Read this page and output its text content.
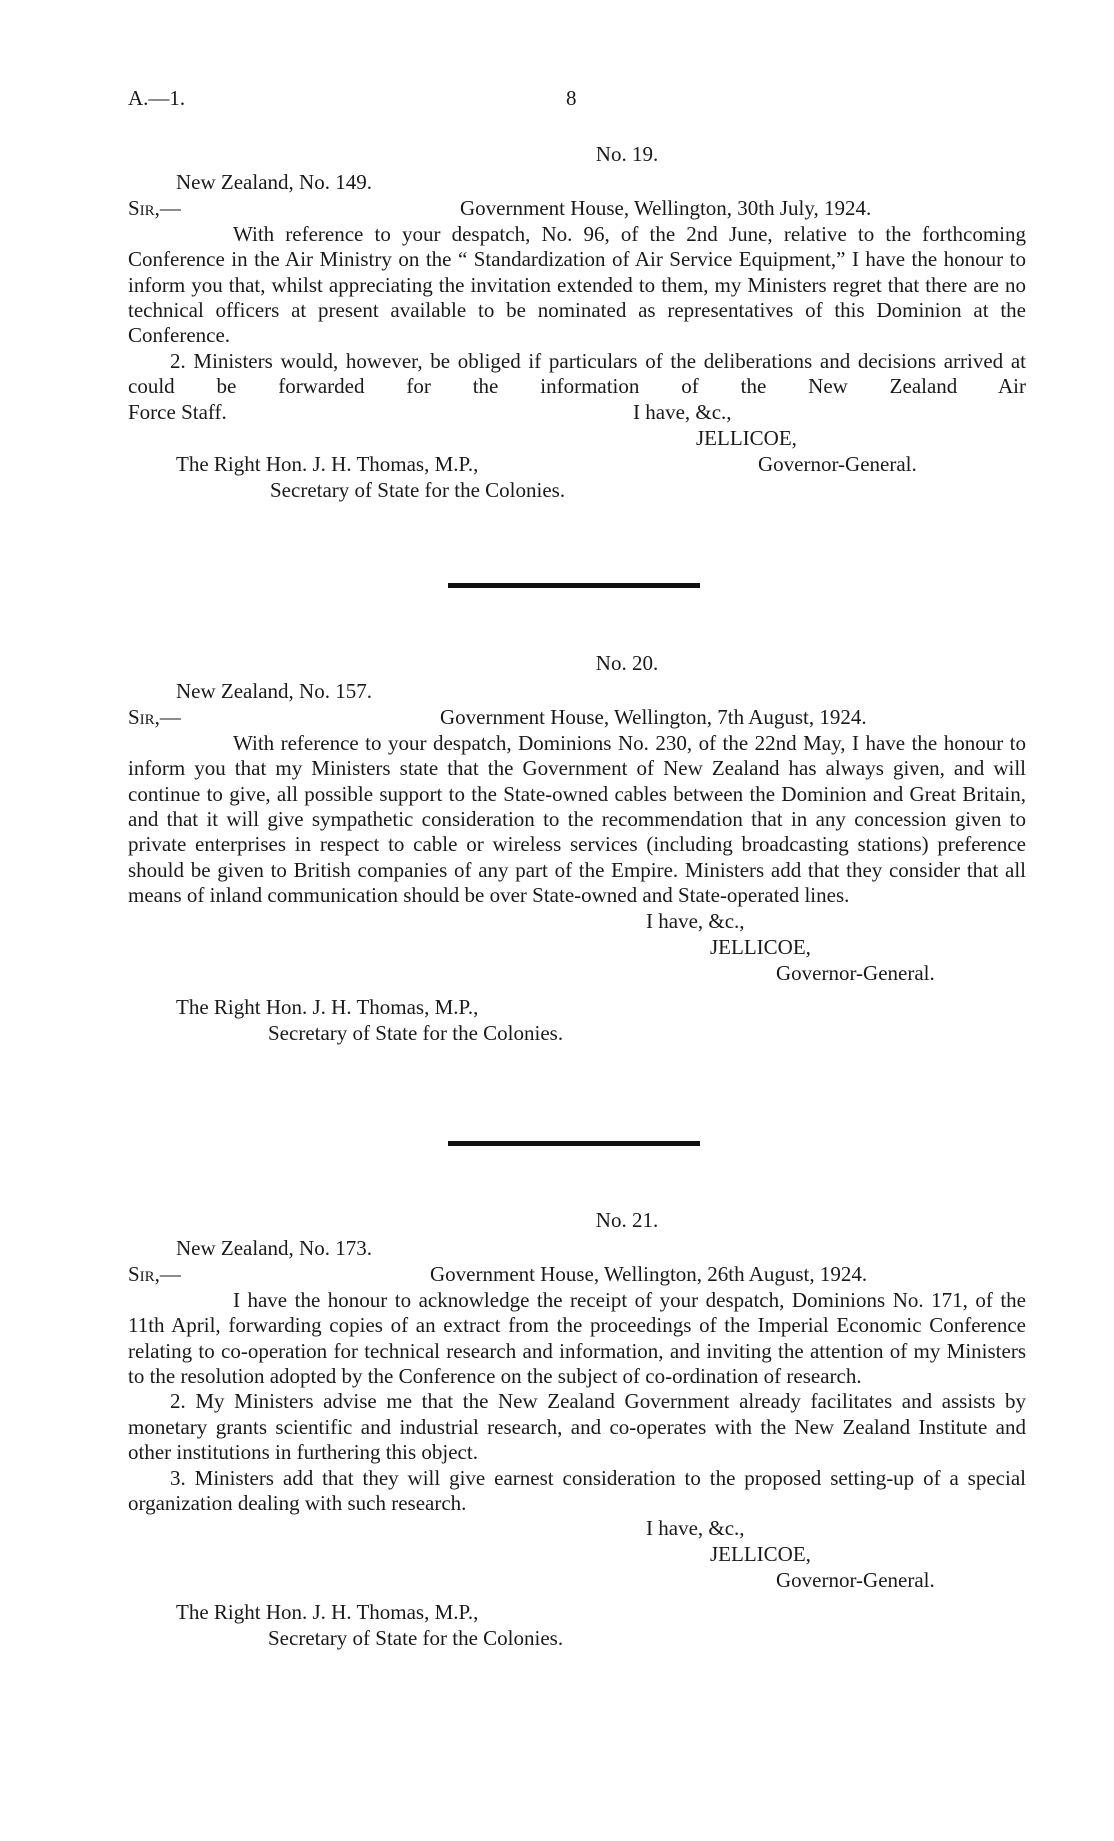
A.—1.	8
No. 19.
New Zealand, No. 149.
Sir,—	Government House, Wellington, 30th July, 1924.

With reference to your despatch, No. 96, of the 2nd June, relative to the forthcoming Conference in the Air Ministry on the “ Standardization of Air Service Equipment,” I have the honour to inform you that, whilst appreciating the invitation extended to them, my Ministers regret that there are no technical officers at present available to be nominated as representatives of this Dominion at the Conference.

2. Ministers would, however, be obliged if particulars of the deliberations and decisions arrived at could be forwarded for the information of the New Zealand Air

Force Staff.	I have, &c.,
JELLICOE,
The Right Hon. J. H. Thomas, M.P.,	Governor-General.
Secretary of State for the Colonies.
No. 20.
New Zealand, No. 157.
Sir,—	Government House, Wellington, 7th August, 1924.

With reference to your despatch, Dominions No. 230, of the 22nd May, I have the honour to inform you that my Ministers state that the Government of New Zealand has always given, and will continue to give, all possible support to the State-owned cables between the Dominion and Great Britain, and that it will give sympathetic consideration to the recommendation that in any concession given to private enterprises in respect to cable or wireless services (including broadcasting stations) preference should be given to British companies of any part of the Empire. Ministers add that they consider that all means of inland communication should be over State-owned and State-operated lines.

I have, &c.,
JELLICOE,
Governor-General.
The Right Hon. J. H. Thomas, M.P.,
Secretary of State for the Colonies.
No. 21.
New Zealand, No. 173.
Sir,—	Government House, Wellington, 26th August, 1924.

I have the honour to acknowledge the receipt of your despatch, Dominions No. 171, of the 11th April, forwarding copies of an extract from the proceedings of the Imperial Economic Conference relating to co-operation for technical research and information, and inviting the attention of my Ministers to the resolution adopted by the Conference on the subject of co-ordination of research.

2. My Ministers advise me that the New Zealand Government already facilitates and assists by monetary grants scientific and industrial research, and co-operates with the New Zealand Institute and other institutions in furthering this object.

3. Ministers add that they will give earnest consideration to the proposed setting-up of a special organization dealing with such research.

I have, &c.,
JELLICOE,
Governor-General.
The Right Hon. J. H. Thomas, M.P.,
Secretary of State for the Colonies.
